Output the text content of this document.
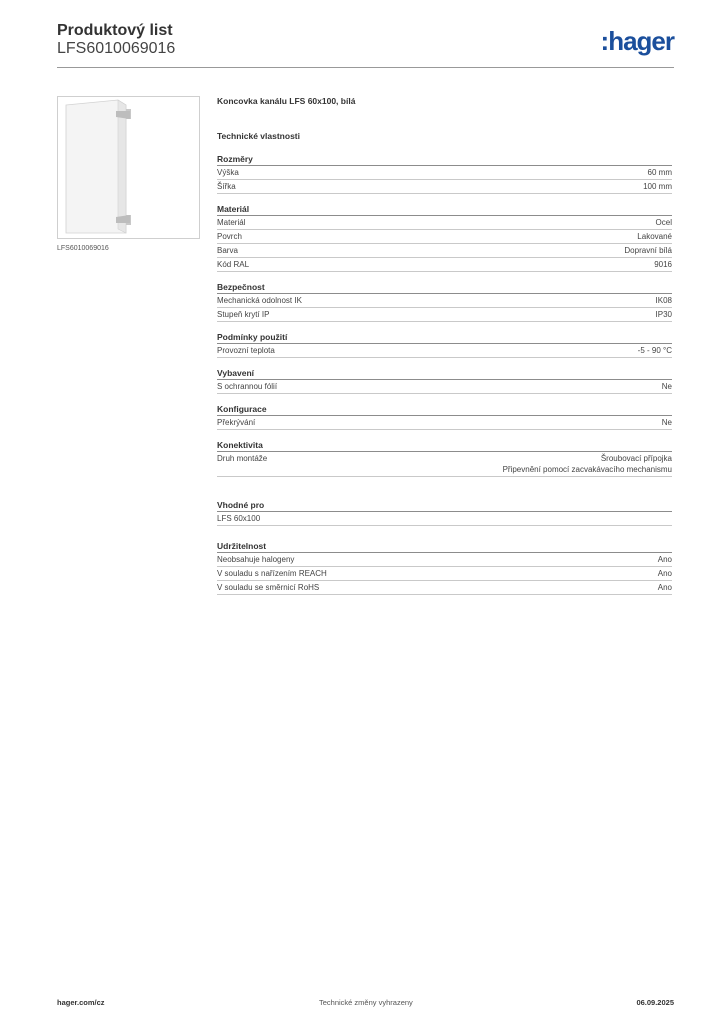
Produktový list
LFS6010069016	:hager
LFS6010069016
Koncovka kanálu LFS 60x100, bílá
Technické vlastnosti
Rozměry
Výška	60 mm
Šířka	100 mm
Materiál
Materiál	Ocel
Povrch	Lakované
Barva	Dopravní bílá
Kód RAL	9016
Bezpečnost
Mechanická odolnost IK	IK08
Stupeň krytí IP	IP30
Podmínky použití
Provozní teplota	-5 - 90 °C
Vybavení
S ochrannou fólií	Ne
Konfigurace
Překrývání	Ne
Konektivita
Druh montáže	Šroubovací přípojka
Připevnění pomocí zacvakávacího mechanismu
Vhodné pro
LFS 60x100
Udržitelnost
Neobsahuje halogeny	Ano
V souladu s nařízením REACH	Ano
V souladu se směrnicí RoHS	Ano
hager.com/cz	Technické změny vyhrazeny	06.09.2025
